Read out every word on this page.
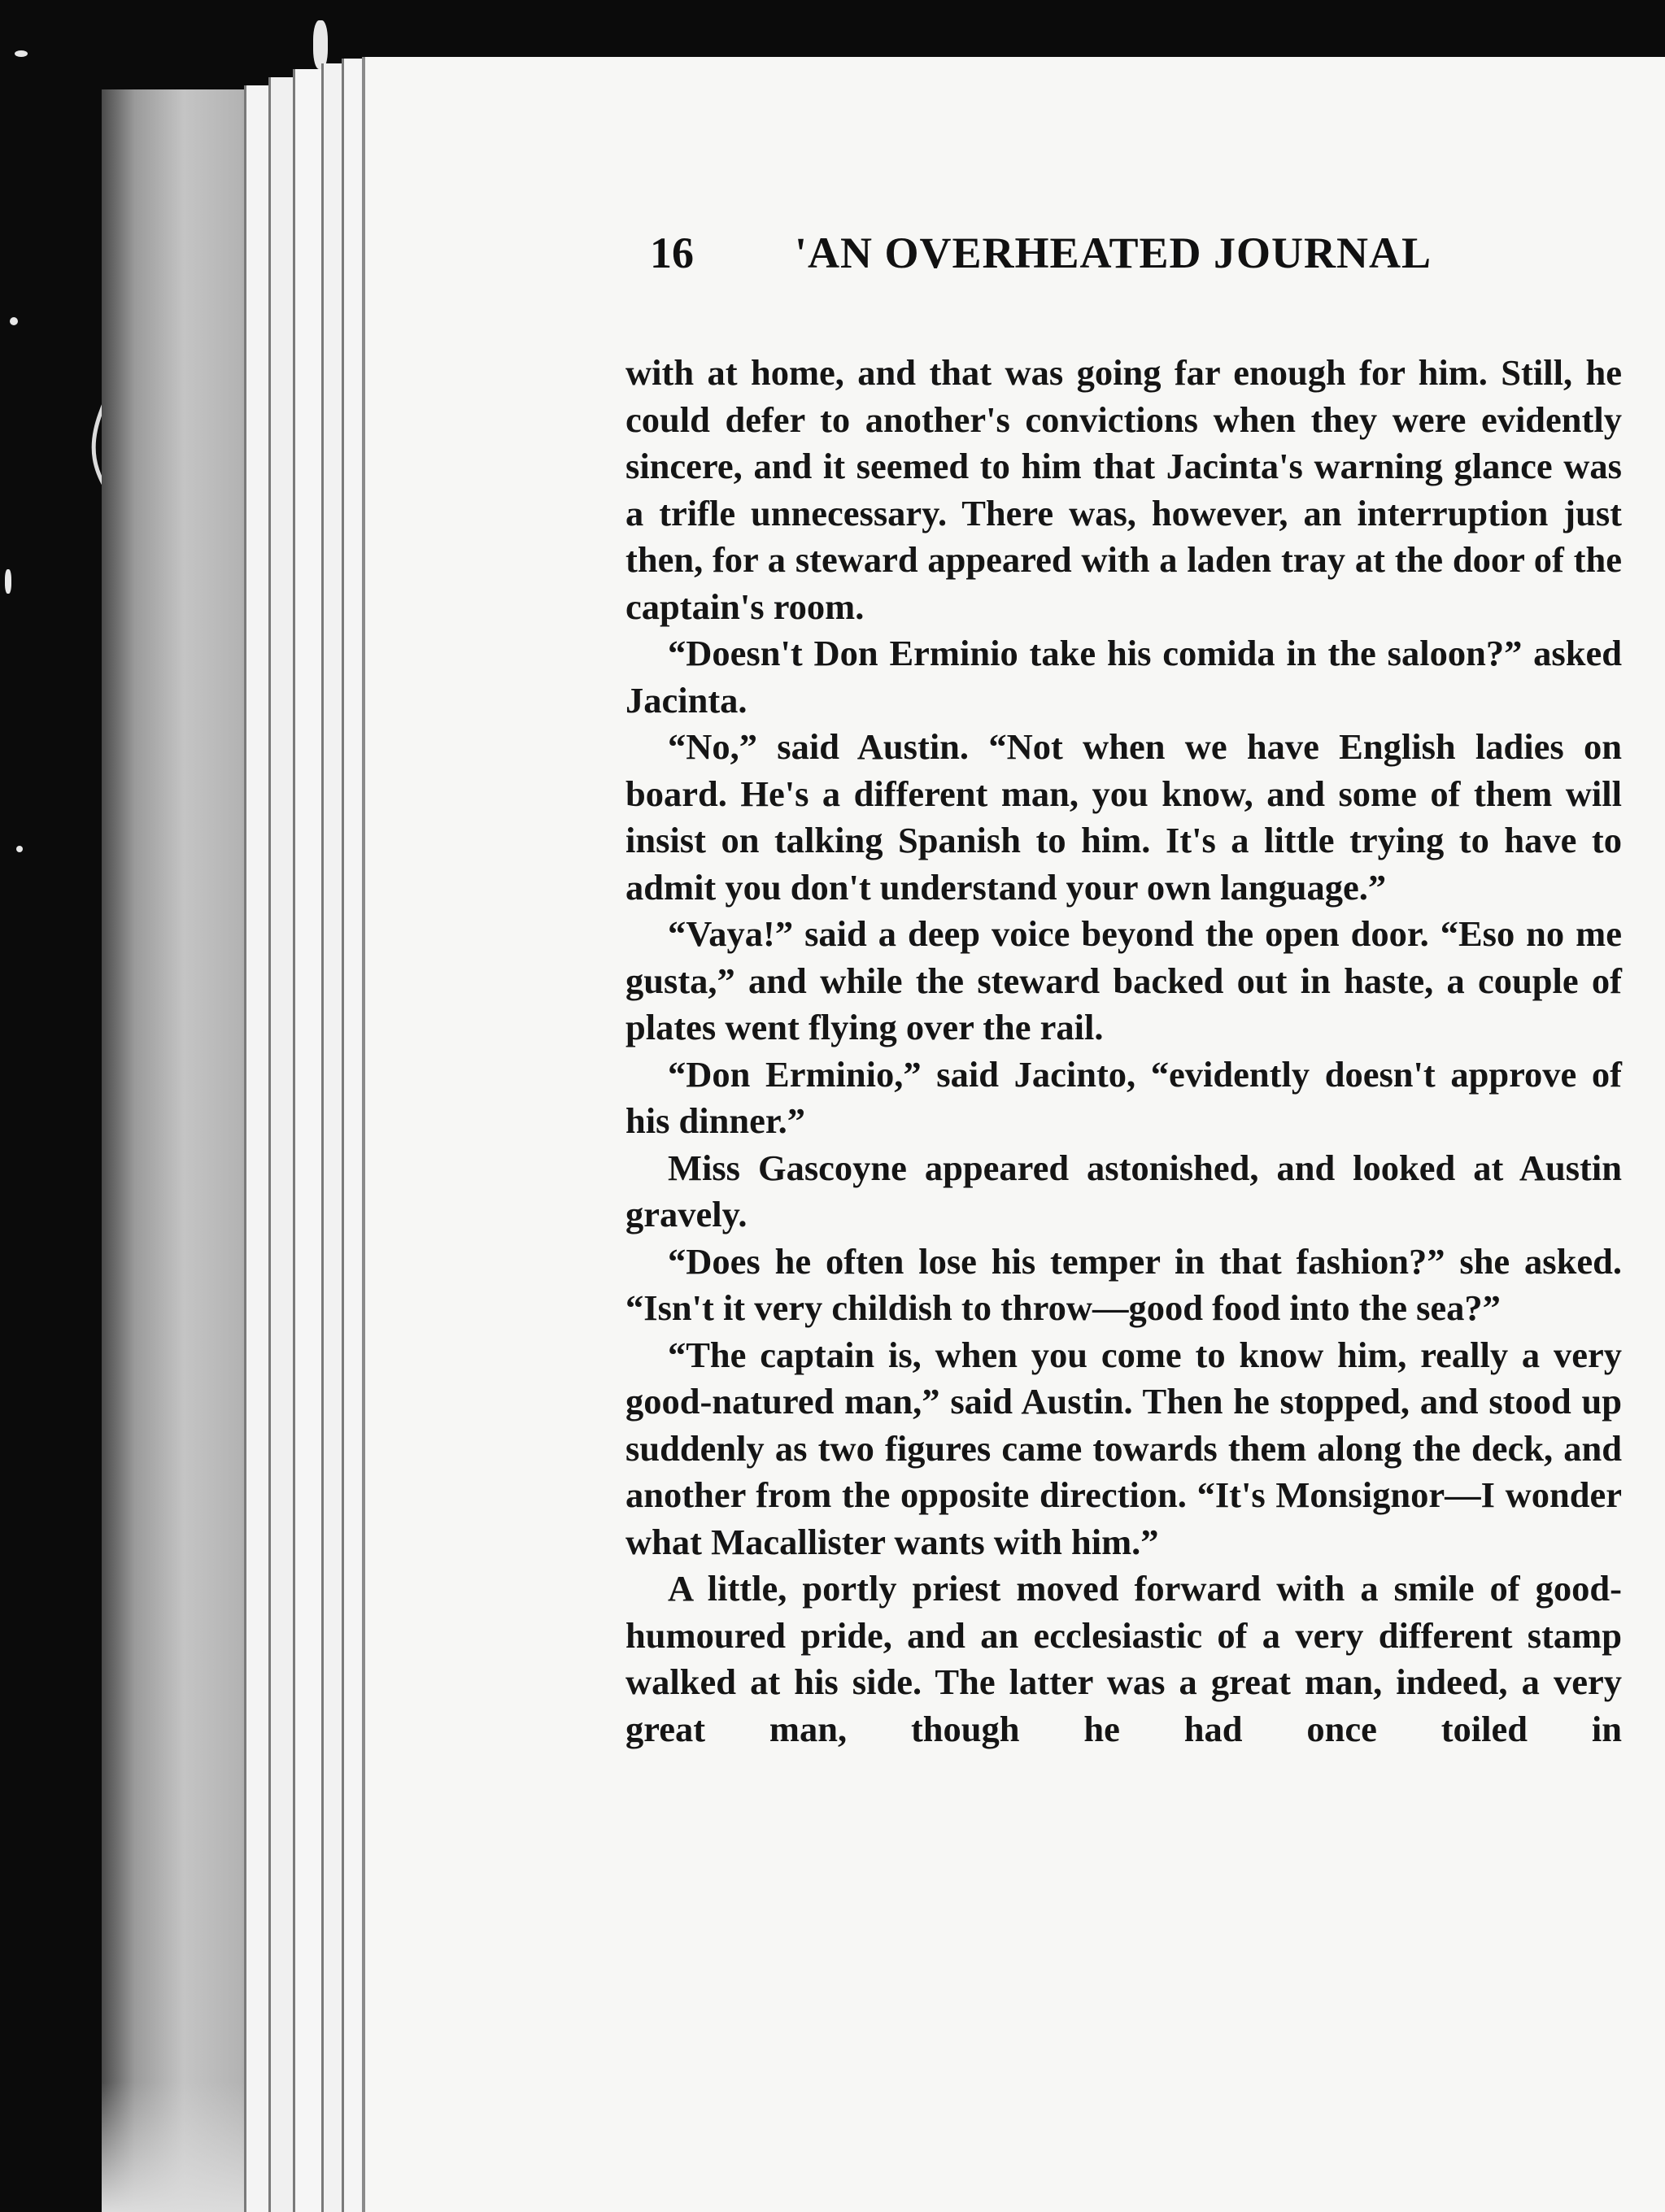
16 'AN OVERHEATED JOURNAL

with at home, and that was going far enough for him. Still, he could defer to another's convictions when they were evidently sincere, and it seemed to him that Jacinta's warning glance was a trifle unnecessary. There was, however, an interruption just then, for a steward appeared with a laden tray at the door of the captain's room.

“Doesn't Don Erminio take his comida in the saloon?” asked Jacinta.

“No,” said Austin. “Not when we have English ladies on board. He's a different man, you know, and some of them will insist on talking Spanish to him. It's a little trying to have to admit you don't understand your own language.”

“Vaya!” said a deep voice beyond the open door. “Eso no me gusta,” and while the steward backed out in haste, a couple of plates went flying over the rail.

“Don Erminio,” said Jacinto, “evidently doesn't approve of his dinner.”

Miss Gascoyne appeared astonished, and looked at Austin gravely.

“Does he often lose his temper in that fashion?” she asked. “Isn't it very childish to throw—good food into the sea?”

“The captain is, when you come to know him, really a very good-natured man,” said Austin. Then he stopped, and stood up suddenly as two figures came towards them along the deck, and another from the opposite direction. “It's Monsignor—I wonder what Macallister wants with him.”

A little, portly priest moved forward with a smile of good-humoured pride, and an ecclesiastic of a very different stamp walked at his side. The latter was a great man, indeed, a very great man, though he had once toiled in
